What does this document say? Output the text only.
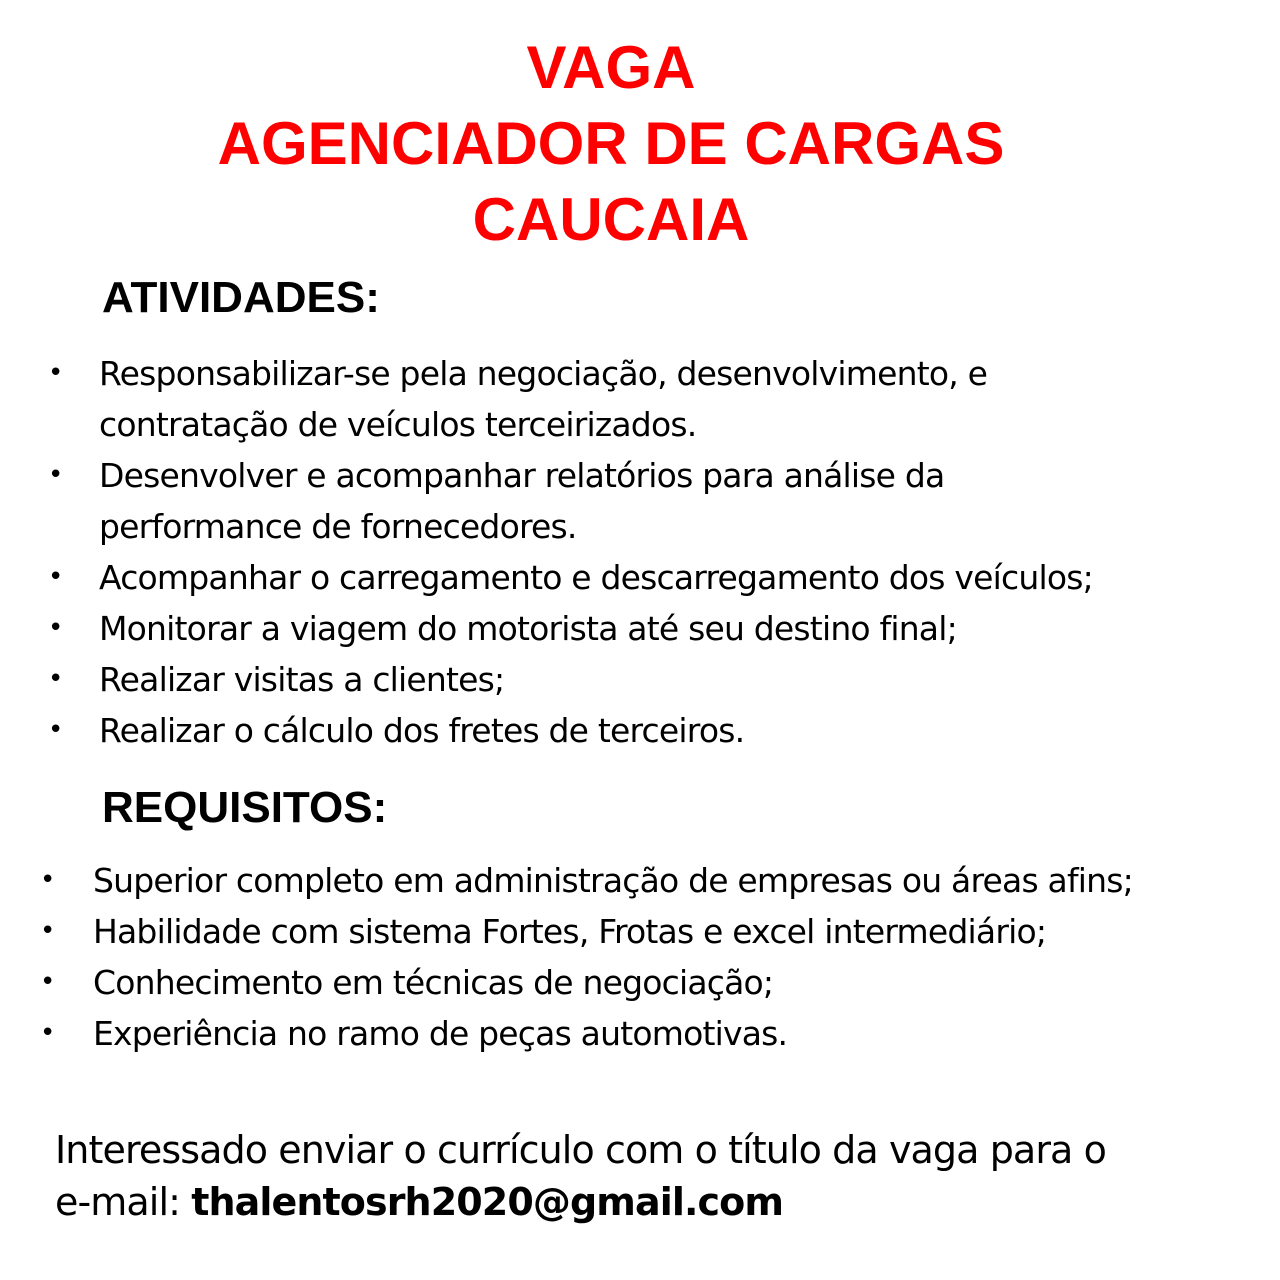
VAGA
AGENCIADOR DE CARGAS
CAUCAIA
ATIVIDADES:
• Responsabilizar-se pela negociação, desenvolvimento, e
contratação de veículos terceirizados.
• Desenvolver e acompanhar relatórios para análise da
performance de fornecedores.
• Acompanhar o carregamento e descarregamento dos veículos;
• Monitorar a viagem do motorista até seu destino final;
• Realizar visitas a clientes;
• Realizar o cálculo dos fretes de terceiros.
REQUISITOS:
• Superior completo em administração de empresas ou áreas afins;
• Habilidade com sistema Fortes, Frotas e excel intermediário;
• Conhecimento em técnicas de negociação;
• Experiência no ramo de peças automotivas.
Interessado enviar o currículo com o título da vaga para o
e-mail: thalentosrh2020@gmail.com
